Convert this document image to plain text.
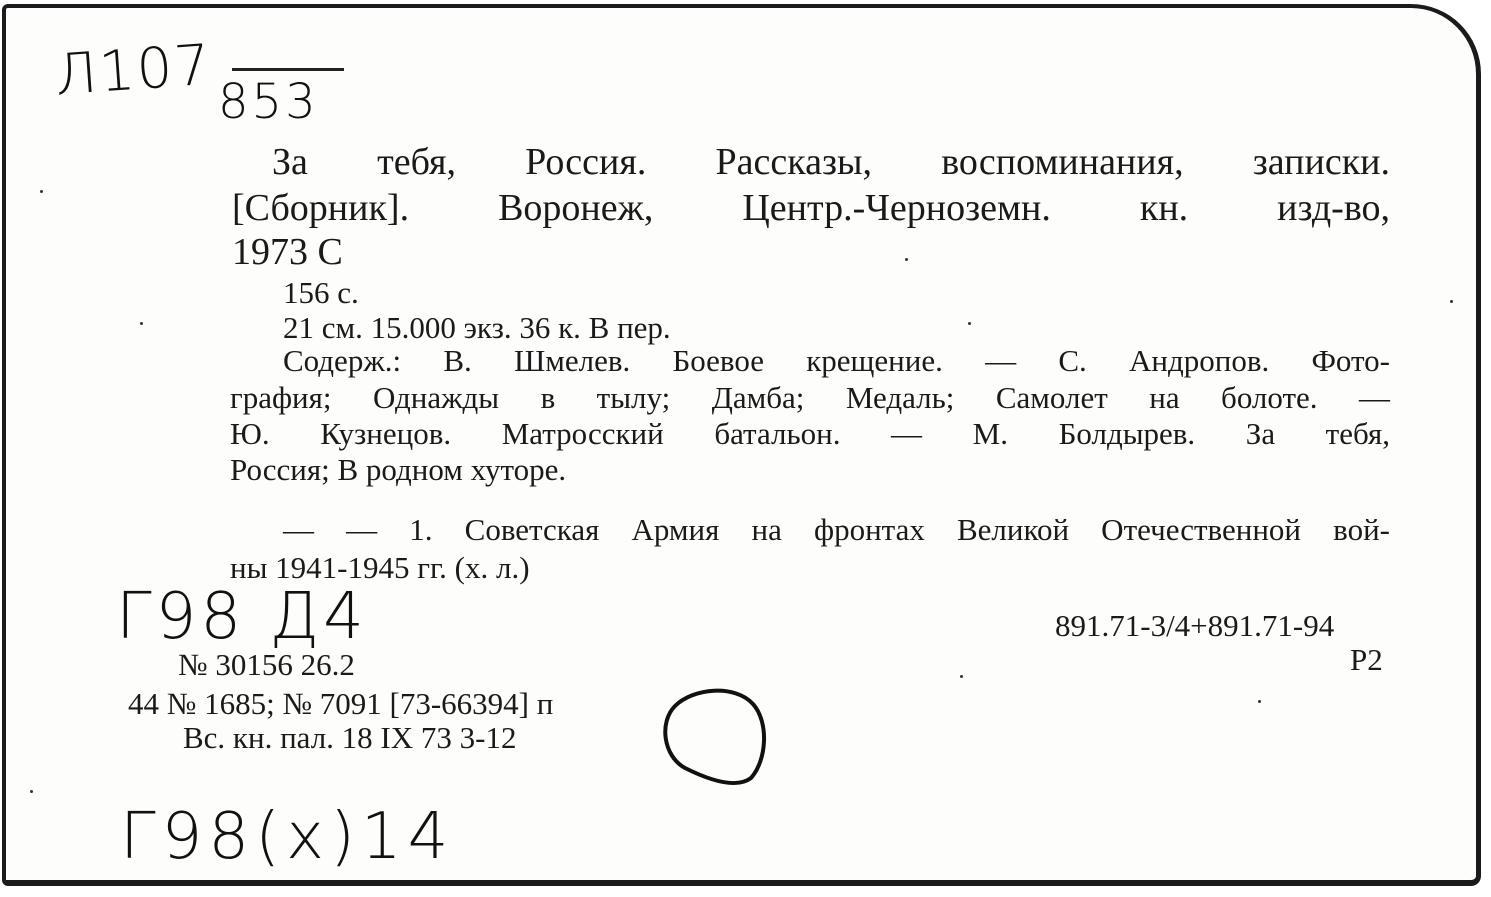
Л107 853
За тебя, Россия. Рассказы, воспоминания, записки.
[Сборник]. Воронеж, Центр.-Черноземн. кн. изд-во,
1973 С
156 с.
21 см. 15.000 экз. 36 к. В пер.
Содерж.: В. Шмелев. Боевое крещение. — С. Андропов. Фото-
графия; Однажды в тылу; Дамба; Медаль; Самолет на болоте. —
Ю. Кузнецов. Матросский батальон. — М. Болдырев. За тебя,
Россия; В родном хуторе.
— — 1. Советская Армия на фронтах Великой Отечественной вой-
ны 1941-1945 гг. (х. л.)
Г98 Д4	891.71-3/4+891.71-94
Р2
№ 30156 26.2
44 № 1685; № 7091 [73-66394] п
Вс. кн. пал. 18 IX 73 3-12
Г98(х)14
